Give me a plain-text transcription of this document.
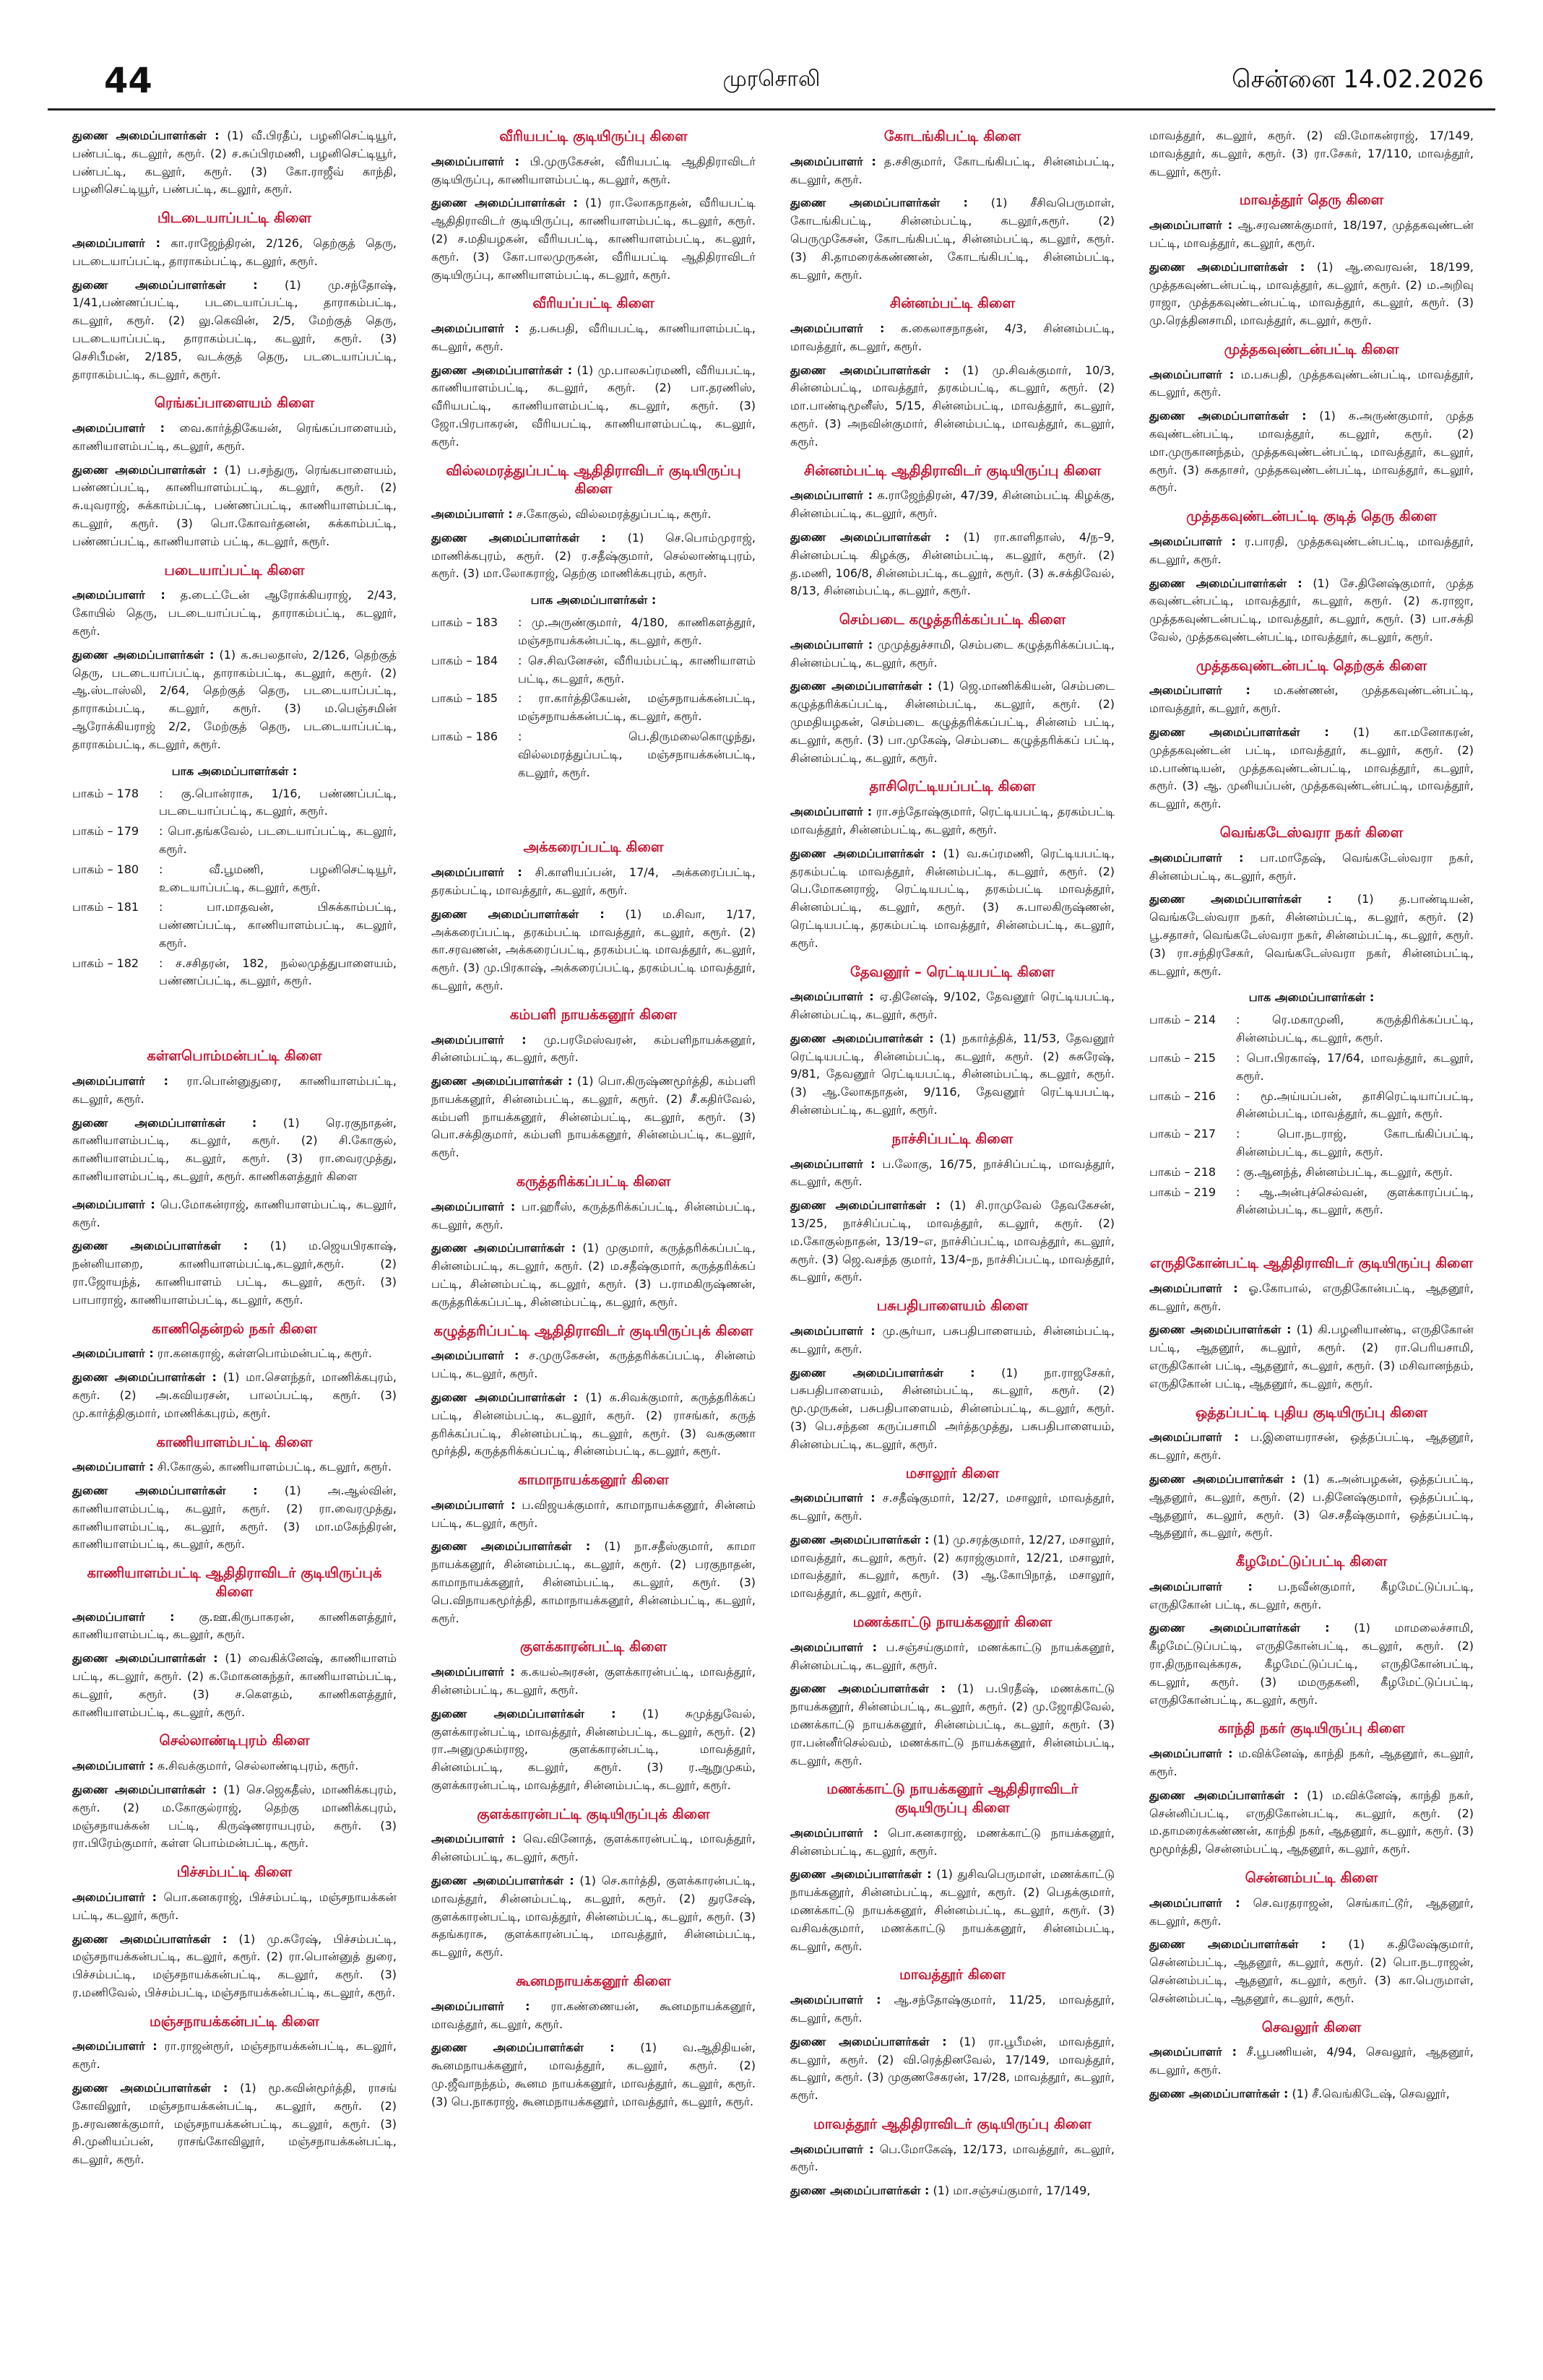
44	முரசொலி	சென்னை 14.02.2026

துணை அமைப்பாளர்கள் : (1) வீ.பிரதீப், பழனிசெட்டியூர், பண்பட்டி, கடலூர், கரூர். (2) ச.சுப்பிரமணி, பழனிசெட்டியூர், பண்பட்டி, கடலூர், கரூர். (3) கோ.ராஜீவ் காந்தி, பழனிசெட்டியூர், பண்பட்டி, கடலூர், கரூர்.

பிடடையாப்பட்டி கிளை

அமைப்பாளர் : கா.ராஜேந்திரன், 2/126, தெற்குத் தெரு, படடையாப்பட்டி, தாராகம்பட்டி, கடலூர், கரூர்.

துணை அமைப்பாளர்கள் : (1) மு.சந்தோஷ், 1/41,பண்ணப்பட்டி, படடையாப்பட்டி, தாராகம்பட்டி, கடலூர், கரூர். (2) லு.கெவின், 2/5, மேற்குத் தெரு, படடையாப்பட்டி, தாராகம்பட்டி, கடலூர், கரூர். (3) செசிபீமன், 2/185, வடக்குத் தெரு, படடையாப்பட்டி, தாராகம்பட்டி, கடலூர், கரூர்.

ரெங்கப்பாளையம் கிளை

அமைப்பாளர் : வை.கார்த்திகேயன், ரெங்கப்பாளையம், காணியாளம்பட்டி, கடலூர், கரூர்.

துணை அமைப்பாளர்கள் : (1) ப.சந்துரு, ரெங்கபாளையம், பண்ணப்பட்டி, காணியாளம்பட்டி, கடலூர், கரூர். (2) சு.யுவராஜ், சுக்காம்பட்டி, பண்ணப்பட்டி, காணியாளம்பட்டி, கடலூர், கரூர். (3) பொ.கோவர்தனன், சுக்காம்பட்டி, பண்ணப்பட்டி, காணியாளம் பட்டி, கடலூர், கரூர்.

படையாப்பட்டி கிளை

அமைப்பாளர் : த.டைட்டேன் ஆரோக்கியராஜ், 2/43, கோயில் தெரு, படடையாப்பட்டி, தாராகம்பட்டி, கடலூர், கரூர்.

துணை அமைப்பாளர்கள் : (1) க.சுபலதாஸ், 2/126, தெற்குத் தெரு, படடையாப்பட்டி, தாராகம்பட்டி, கடலூர், கரூர். (2) ஆ.ஸ்டாஸ்லி, 2/64, தெற்குத் தெரு, படடையாப்பட்டி, தாராகம்பட்டி, கடலூர், கரூர். (3) ம.பெஞ்சமின் ஆரோக்கியராஜ் 2/2, மேற்குத் தெரு, படடையாப்பட்டி, தாராகம்பட்டி, கடலூர், கரூர்.

பாக அமைப்பாளர்கள் :
பாகம் – 178	: கு.பொன்ராசு, 1/16, பண்ணப்பட்டி, படடையாப்பட்டி, கடலூர், கரூர்.
பாகம் – 179	: பொ.தங்கவேல், படடையாப்பட்டி, கடலூர், கரூர்.
பாகம் – 180	: வீ.பூமணி, பழனிசெட்டியூர், உடையாப்பட்டி, கடலூர், கரூர்.
பாகம் – 181	: பா.மாதவன், பிசுக்காம்பட்டி, பண்ணப்பட்டி, காணியாளம்பட்டி, கடலூர், கரூர்.
பாகம் – 182	: ச.சசிதரன், 182, நல்லமுத்துபாளையம், பண்ணப்பட்டி, கடலூர், கரூர்.
கள்ளபொம்மன்பட்டி கிளை

அமைப்பாளர் : ரா.பொன்னுதுரை, காணியாளம்பட்டி, கடலூர், கரூர்.

துணை அமைப்பாளர்கள் : (1) ரெ.ரகுநாதன், காணியாளம்பட்டி, கடலூர், கரூர். (2) சி.கோகுல், காணியாளம்பட்டி, கடலூர், கரூர். (3) ரா.வைரமுத்து, காணியாளம்பட்டி, கடலூர், கரூர். காணிகளத்தூர் கிளை

அமைப்பாளர் : பெ.மோகன்ராஜ், காணியாளம்பட்டி, கடலூர், கரூர்.

துணை அமைப்பாளர்கள் : (1) ம.ஜெயபிரகாஷ், நன்னியாறை, காணியாளம்பட்டி,கடலூர்,கரூர். (2) ரா.ஜோயந்த், காணியாளம் பட்டி, கடலூர், கரூர். (3) பாபாராஜ், காணியாளம்பட்டி, கடலூர், கரூர்.

காணிதென்றல் நகர் கிளை

அமைப்பாளர் : ரா.கனகராஜ், கள்ளபொம்மன்பட்டி, கரூர்.

துணை அமைப்பாளர்கள் : (1) மா.செளந்தர், மாணிக்கபுரம், கரூர். (2) அ.கவியரசன், பாலப்பட்டி, கரூர். (3) மு.கார்த்திகுமார், மாணிக்கபுரம், கரூர்.

காணியாளம்பட்டி கிளை

அமைப்பாளர் : சி.கோகுல், காணியாளம்பட்டி, கடலூர், கரூர்.

துணை அமைப்பாளர்கள் : (1) அ.ஆல்வின், காணியாளம்பட்டி, கடலூர், கரூர். (2) ரா.வைரமுத்து, காணியாளம்பட்டி, கடலூர், கரூர். (3) மா.மகேந்திரன், காணியாளம்பட்டி, கடலூர், கரூர்.

காணியாளம்பட்டி ஆதிதிராவிடர் குடியிருப்புக் கிளை

அமைப்பாளர் : கு.ஊ.கிருபாகரன், காணிகளத்தூர், காணியாளம்பட்டி, கடலூர், கரூர்.

துணை அமைப்பாளர்கள் : (1) வைகிக்னேஷ், காணியாளம் பட்டி, கடலூர், கரூர். (2) க.மோகனசுந்தர், காணியாளம்பட்டி, கடலூர், கரூர். (3) ச.கௌதம், காணிகளத்தூர், காணியாளம்பட்டி, கடலூர், கரூர்.

செல்லாண்டிபுரம் கிளை

அமைப்பாளர் : க.சிவக்குமார், செல்லாண்டிபுரம், கரூர்.

துணை அமைப்பாளர்கள் : (1) செ.ஜெகதீஸ், மாணிக்கபுரம், கரூர். (2) ம.கோகுல்ராஜ், தெற்கு மாணிக்கபுரம், மஞ்சநாயக்கன் பட்டி, கிருஷ்ணராயபுரம், கரூர். (3) ரா.பிரேம்குமார், கள்ள பொம்மன்பட்டி, கரூர்.

பிச்சம்பட்டி கிளை

அமைப்பாளர் : பொ.கனகராஜ், பிச்சம்பட்டி, மஞ்சநாயக்கன் பட்டி, கடலூர், கரூர்.

துணை அமைப்பாளர்கள் : (1) மு.சுரேஷ், பிச்சம்பட்டி, மஞ்சநாயக்கன்பட்டி, கடலூர், கரூர். (2) ரா.பொன்னுத் துரை, பிச்சம்பட்டி, மஞ்சநாயக்கன்பட்டி, கடலூர், கரூர். (3) ர.மணிவேல், பிச்சம்பட்டி, மஞ்சநாயக்கன்பட்டி, கடலூர், கரூர்.

மஞ்சநாயக்கன்பட்டி கிளை

அமைப்பாளர் : ரா.ராஜன்ரூர், மஞ்சநாயக்கன்பட்டி, கடலூர், கரூர்.

துணை அமைப்பாளர்கள் : (1) மூ.கவின்மூர்த்தி, ராசங் கோவிலூர், மஞ்சநாயக்கன்பட்டி, கடலூர், கரூர். (2) ந.சரவணக்குமார், மஞ்சநாயக்கன்பட்டி, கடலூர், கரூர். (3) சி.முனியப்பன், ராசங்கோவிலூர், மஞ்சநாயக்கன்பட்டி, கடலூர், கரூர்.

வீரியபட்டி குடியிருப்பு கிளை

அமைப்பாளர் : பி.முருகேசன், வீரியபட்டி ஆதிதிராவிடர் குடியிருப்பு, காணியாளம்பட்டி, கடலூர், கரூர்.

துணை அமைப்பாளர்கள் : (1) ரா.லோகநாதன், வீரியபட்டி ஆதிதிராவிடர் குடியிருப்பு, காணியாளம்பட்டி, கடலூர், கரூர். (2) ச.மதியழகன், வீரியபட்டி, காணியாளம்பட்டி, கடலூர், கரூர். (3) கோ.பாலமுருகன், வீரியபட்டி ஆதிதிராவிடர் குடியிருப்பு, காணியாளம்பட்டி, கடலூர், கரூர்.

வீரியப்பட்டி கிளை

அமைப்பாளர் : த.பசுபதி, வீரியபட்டி, காணியாளம்பட்டி, கடலூர், கரூர்.

துணை அமைப்பாளர்கள் : (1) மு.பாலசுப்ரமணி, வீரியபட்டி, காணியாளம்பட்டி, கடலூர், கரூர். (2) பா.தரணிஸ், வீரியபட்டி, காணியாளம்பட்டி, கடலூர், கரூர். (3) ஜோ.பிரபாகரன், வீரியபட்டி, காணியாளம்பட்டி, கடலூர், கரூர்.

வில்லமரத்துப்பட்டி ஆதிதிராவிடர் குடியிருப்பு கிளை

அமைப்பாளர் : ச.கோகுல், வில்லமரத்துப்பட்டி, கரூர்.

துணை அமைப்பாளர்கள் : (1) செ.பொம்முராஜ், மாணிக்கபுரம், கரூர். (2) ர.சதீஷ்குமார், செல்லாண்டிபுரம், கரூர். (3) மா.லோகராஜ், தெற்கு மாணிக்கபுரம், கரூர்.

பாக அமைப்பாளர்கள் :
பாகம் – 183	: மு.அருண்குமார், 4/180, காணிகளத்தூர், மஞ்சநாயக்கன்பட்டி, கடலூர், கரூர்.
பாகம் – 184	: செ.சிவனேசன், வீரியம்பட்டி, காணியாளம் பட்டி, கடலூர், கரூர்.
பாகம் – 185	: ரா.கார்த்திகேயன், மஞ்சநாயக்கன்பட்டி, மஞ்சநாயக்கன்பட்டி, கடலூர், கரூர்.
பாகம் – 186	: பெ.திருமலைகொழுந்து, வில்லமரத்துப்பட்டி, மஞ்சநாயக்கன்பட்டி, கடலூர், கரூர்.
அக்கரைப்பட்டி கிளை

அமைப்பாளர் : சி.காளியப்பன், 17/4, அக்கரைப்பட்டி, தரகம்பட்டி, மாவத்தூர், கடலூர், கரூர்.

துணை அமைப்பாளர்கள் : (1) ம.சிவா, 1/17, அக்கரைப்பட்டி, தரகம்பட்டி மாவத்தூர், கடலூர், கரூர். (2) கா.சரவணன், அக்கரைப்பட்டி, தரகம்பட்டி மாவத்தூர், கடலூர், கரூர். (3) மு.பிரகாஷ், அக்கரைப்பட்டி, தரகம்பட்டி மாவத்தூர், கடலூர், கரூர்.

கம்பளி நாயக்கனூர் கிளை

அமைப்பாளர் : மு.பரமேஸ்வரன், கம்பளிநாயக்கனூர், சின்னம்பட்டி, கடலூர், கரூர்.

துணை அமைப்பாளர்கள் : (1) பொ.கிருஷ்ணமூர்த்தி, கம்பளி நாயக்கனூர், சின்னம்பட்டி, கடலூர், கரூர். (2) சீ.கதிர்வேல், கம்பளி நாயக்கனூர், சின்னம்பட்டி, கடலூர், கரூர். (3) பொ.சக்திகுமார், கம்பளி நாயக்கனூர், சின்னம்பட்டி, கடலூர், கரூர்.

கருத்தரிக்கப்பட்டி கிளை

அமைப்பாளர் : பா.ஹரீஸ், கருத்தரிக்கப்பட்டி, சின்னம்பட்டி, கடலூர், கரூர்.

துணை அமைப்பாளர்கள் : (1) முகுமார், கருத்தரிக்கப்பட்டி, சின்னம்பட்டி, கடலூர், கரூர். (2) ம.சதீஷ்குமார், கருத்தரிக்கப் பட்டி, சின்னம்பட்டி, கடலூர், கரூர். (3) ப.ராமகிருஷ்ணன், கருத்தரிக்கப்பட்டி, சின்னம்பட்டி, கடலூர், கரூர்.

கழுத்தரிப்பட்டி ஆதிதிராவிடர் குடியிருப்புக் கிளை

அமைப்பாளர் : ச.முருகேசன், கருத்தரிக்கப்பட்டி, சின்னம் பட்டி, கடலூர், கரூர்.

துணை அமைப்பாளர்கள் : (1) க.சிவக்குமார், கருத்தரிக்கப் பட்டி, சின்னம்பட்டி, கடலூர், கரூர். (2) ராசங்கர், கருத் தரிக்கப்பட்டி, சின்னம்பட்டி, கடலூர், கரூர். (3) வசுகுணா மூர்த்தி, கருத்தரிக்கப்பட்டி, சின்னம்பட்டி, கடலூர், கரூர்.

காமாநாயக்கனூர் கிளை

அமைப்பாளர் : ப.விஜயக்குமார், காமாநாயக்கனூர், சின்னம் பட்டி, கடலூர், கரூர்.

துணை அமைப்பாளர்கள் : (1) நா.சதீஸ்குமார், காமா நாயக்கனூர், சின்னம்பட்டி, கடலூர், கரூர். (2) பரகுநாதன், காமாநாயக்கனூர், சின்னம்பட்டி, கடலூர், கரூர். (3) பெ.விநாயகமூர்த்தி, காமாநாயக்கனூர், சின்னம்பட்டி, கடலூர், கரூர்.

குளக்காரன்பட்டி கிளை

அமைப்பாளர் : க.கயல்அரசன், குளக்காரன்பட்டி, மாவத்தூர், சின்னம்பட்டி, கடலூர், கரூர்.

துணை அமைப்பாளர்கள் : (1) சுமுத்துவேல், குளக்காரன்பட்டி, மாவத்தூர், சின்னம்பட்டி, கடலூர், கரூர். (2) ரா.அனுமுகம்ராஜ, குளக்காரன்பட்டி, மாவத்தூர், சின்னம்பட்டி, கடலூர், கரூர். (3) ர.ஆறுமுகம், குளக்காரன்பட்டி, மாவத்தூர், சின்னம்பட்டி, கடலூர், கரூர்.

குளக்காரன்பட்டி குடியிருப்புக் கிளை

அமைப்பாளர் : வெ.வினோத், குளக்காரன்பட்டி, மாவத்தூர், சின்னம்பட்டி, கடலூர், கரூர்.

துணை அமைப்பாளர்கள் : (1) செ.கார்த்தி, குளக்காரன்பட்டி, மாவத்தூர், சின்னம்பட்டி, கடலூர், கரூர். (2) துரசேஷ், குளக்காரன்பட்டி, மாவத்தூர், சின்னம்பட்டி, கடலூர், கரூர். (3) சுதங்கராசு, குளக்காரன்பட்டி, மாவத்தூர், சின்னம்பட்டி, கடலூர், கரூர்.

கூனமநாயக்கனூர் கிளை

அமைப்பாளர் : ரா.கண்ணையன், கூனமநாயக்கனூர், மாவத்தூர், கடலூர், கரூர்.

துணை அமைப்பாளர்கள் : (1) வ.ஆதிதியன், கூனமநாயக்கனூர், மாவத்தூர், கடலூர், கரூர். (2) மு.ஜீவாநந்தம், கூனம நாயக்கனூர், மாவத்தூர், கடலூர், கரூர். (3) பெ.நாகராஜ், கூனமநாயக்கனூர், மாவத்தூர், கடலூர், கரூர்.

கோடங்கிபட்டி கிளை

அமைப்பாளர் : த.சசிகுமார், கோடங்கிபட்டி, சின்னம்பட்டி, கடலூர், கரூர்.

துணை அமைப்பாளர்கள் : (1) சீசிவபெருமாள், கோடங்கிபட்டி, சின்னம்பட்டி, கடலூர்,கரூர். (2) பெருமுகேசன், கோடங்கிபட்டி, சின்னம்பட்டி, கடலூர், கரூர். (3) சி.தாமரைக்கண்ணன், கோடங்கிபட்டி, சின்னம்பட்டி, கடலூர், கரூர்.

சின்னம்பட்டி கிளை

அமைப்பாளர் : க.கைலாசநாதன், 4/3, சின்னம்பட்டி, மாவத்தூர், கடலூர், கரூர்.

துணை அமைப்பாளர்கள் : (1) மு.சிவக்குமார், 10/3, சின்னம்பட்டி, மாவத்தூர், தரகம்பட்டி, கடலூர், கரூர். (2) மா.பாண்டிமூனீஸ், 5/15, சின்னம்பட்டி, மாவத்தூர், கடலூர், கரூர். (3) அநவின்குமார், சின்னம்பட்டி, மாவத்தூர், கடலூர், கரூர்.

சின்னம்பட்டி ஆதிதிராவிடர் குடியிருப்பு கிளை

அமைப்பாளர் : க.ராஜேந்திரன், 47/39, சின்னம்பட்டி கிழக்கு, சின்னம்பட்டி, கடலூர், கரூர்.

துணை அமைப்பாளர்கள் : (1) ரா.காளிதாஸ், 4/ந–9, சின்னம்பட்டி கிழக்கு, சின்னம்பட்டி, கடலூர், கரூர். (2) த.மணி, 106/8, சின்னம்பட்டி, கடலூர், கரூர். (3) சு.சக்திவேல், 8/13, சின்னம்பட்டி, கடலூர், கரூர்.

செம்படை கழுத்தரிக்கப்பட்டி கிளை

அமைப்பாளர் : முமுத்துச்சாமி, செம்படை கழுத்தரிக்கப்பட்டி, சின்னம்பட்டி, கடலூர், கரூர்.

துணை அமைப்பாளர்கள் : (1) ஜெ.மாணிக்கியன், செம்படை கழுத்தரிக்கப்பட்டி, சின்னம்பட்டி, கடலூர், கரூர். (2) முமதியழகன், செம்படை கழுத்தரிக்கப்பட்டி, சின்னம் பட்டி, கடலூர், கரூர். (3) பா.முகேஷ், செம்படை கழுத்தரிக்கப் பட்டி, சின்னம்பட்டி, கடலூர், கரூர்.

தாசிரெட்டியப்பட்டி கிளை

அமைப்பாளர் : ரா.சந்தோஷ்குமார், ரெட்டியபட்டி, தரகம்பட்டி மாவத்தூர், சின்னம்பட்டி, கடலூர், கரூர்.

துணை அமைப்பாளர்கள் : (1) வ.சுப்ரமணி, ரெட்டியபட்டி, தரகம்பட்டி மாவத்தூர், சின்னம்பட்டி, கடலூர், கரூர். (2) பெ.மோகனராஜ், ரெட்டியபட்டி, தரகம்பட்டி மாவத்தூர், சின்னம்பட்டி, கடலூர், கரூர். (3) சு.பாலகிருஷ்ணன், ரெட்டியபட்டி, தரகம்பட்டி மாவத்தூர், சின்னம்பட்டி, கடலூர், கரூர்.

தேவனூர் – ரெட்டியபட்டி கிளை

அமைப்பாளர் : ஏ.தினேஷ், 9/102, தேவனூர் ரெட்டியபட்டி, சின்னம்பட்டி, கடலூர், கரூர்.

துணை அமைப்பாளர்கள் : (1) நகார்த்திக், 11/53, தேவனூர் ரெட்டியபட்டி, சின்னம்பட்டி, கடலூர், கரூர். (2) சுசுரேஷ், 9/81, தேவனூர் ரெட்டியபட்டி, சின்னம்பட்டி, கடலூர், கரூர். (3) ஆ.லோகநாதன், 9/116, தேவனூர் ரெட்டியபட்டி, சின்னம்பட்டி, கடலூர், கரூர்.

நாச்சிப்பட்டி கிளை

அமைப்பாளர் : ப.லோகு, 16/75, நாச்சிப்பட்டி, மாவத்தூர், கடலூர், கரூர்.

துணை அமைப்பாளர்கள் : (1) சி.ராமுவேல் தேவகேசன், 13/25, நாச்சிப்பட்டி, மாவத்தூர், கடலூர், கரூர். (2) ம.கோகுல்நாதன், 13/19–எ, நாச்சிப்பட்டி, மாவத்தூர், கடலூர், கரூர். (3) ஜெ.வசந்த குமார், 13/4–ந, நாச்சிப்பட்டி, மாவத்தூர், கடலூர், கரூர்.

பசுபதிபாளையம் கிளை

அமைப்பாளர் : மு.சூர்யா, பசுபதிபாளையம், சின்னம்பட்டி, கடலூர், கரூர்.

துணை அமைப்பாளர்கள் : (1) நா.ராஜசேகர், பசுபதிபாளையம், சின்னம்பட்டி, கடலூர், கரூர். (2) மூ.முருகன், பசுபதிபாளையம், சின்னம்பட்டி, கடலூர், கரூர். (3) பெ.சந்தன கருப்பசாமி அர்த்தமுத்து, பசுபதிபாளையம், சின்னம்பட்டி, கடலூர், கரூர்.

மசாலூர் கிளை

அமைப்பாளர் : ச.சதீஷ்குமார், 12/27, மசாலூர், மாவத்தூர், கடலூர், கரூர்.

துணை அமைப்பாளர்கள் : (1) மு.சரத்குமார், 12/27, மசாலூர், மாவத்தூர், கடலூர், கரூர். (2) கராஜ்குமார், 12/21, மசாலூர், மாவத்தூர், கடலூர், கரூர். (3) ஆ.கோபிநாத், மசாலூர், மாவத்தூர், கடலூர், கரூர்.

மணக்காட்டு நாயக்கனூர் கிளை

அமைப்பாளர் : ப.சஞ்சய்குமார், மணக்காட்டு நாயக்கனூர், சின்னம்பட்டி, கடலூர், கரூர்.

துணை அமைப்பாளர்கள் : (1) ப.பிரதீஷ், மணக்காட்டு நாயக்கனூர், சின்னம்பட்டி, கடலூர், கரூர். (2) மு.ஜோதிவேல், மணக்காட்டு நாயக்கனூர், சின்னம்பட்டி, கடலூர், கரூர். (3) ரா.பன்னீர்செல்வம், மணக்காட்டு நாயக்கனூர், சின்னம்பட்டி, கடலூர், கரூர்.

மணக்காட்டு நாயக்கனூர் ஆதிதிராவிடர் குடியிருப்பு கிளை

அமைப்பாளர் : பொ.கனகராஜ், மணக்காட்டு நாயக்கனூர், சின்னம்பட்டி, கடலூர், கரூர்.

துணை அமைப்பாளர்கள் : (1) துசிவபெருமாள், மணக்காட்டு நாயக்கனூர், சின்னம்பட்டி, கடலூர், கரூர். (2) பெதக்குமார், மணக்காட்டு நாயக்கனூர், சின்னம்பட்டி, கடலூர், கரூர். (3) வசிவக்குமார், மணக்காட்டு நாயக்கனூர், சின்னம்பட்டி, கடலூர், கரூர்.

மாவத்தூர் கிளை

அமைப்பாளர் : ஆ.சந்தோஷ்குமார், 11/25, மாவத்தூர், கடலூர், கரூர்.

துணை அமைப்பாளர்கள் : (1) ரா.பூபீமன், மாவத்தூர், கடலூர், கரூர். (2) வி.ரெத்தினவேல், 17/149, மாவத்தூர், கடலூர், கரூர். (3) முகுணசேகரன், 17/28, மாவத்தூர், கடலூர், கரூர்.

மாவத்தூர் ஆதிதிராவிடர் குடியிருப்பு கிளை

அமைப்பாளர் : பெ.மோகேஷ், 12/173, மாவத்தூர், கடலூர், கரூர்.

துணை அமைப்பாளர்கள் : (1) மா.சஞ்சய்குமார், 17/149,

மாவத்தூர், கடலூர், கரூர். (2) வி.மோகன்ராஜ், 17/149, மாவத்தூர், கடலூர், கரூர். (3) ரா.சேகர், 17/110, மாவத்தூர், கடலூர், கரூர்.

மாவத்தூர் தெரு கிளை

அமைப்பாளர் : ஆ.சரவணக்குமார், 18/197, முத்தகவுண்டன் பட்டி, மாவத்தூர், கடலூர், கரூர்.

துணை அமைப்பாளர்கள் : (1) ஆ.வைரவன், 18/199, முத்தகவுண்டன்பட்டி, மாவத்தூர், கடலூர், கரூர். (2) ம.அறிவு ராஜா, முத்தகவுண்டன்பட்டி, மாவத்தூர், கடலூர், கரூர். (3) மு.ரெத்தினசாமி, மாவத்தூர், கடலூர், கரூர்.

முத்தகவுண்டன்பட்டி கிளை

அமைப்பாளர் : ம.பசுபதி, முத்தகவுண்டன்பட்டி, மாவத்தூர், கடலூர், கரூர்.

துணை அமைப்பாளர்கள் : (1) க.அருண்குமார், முத்த கவுண்டன்பட்டி, மாவத்தூர், கடலூர், கரூர். (2) மா.முருகானந்தம், முத்தகவுண்டன்பட்டி, மாவத்தூர், கடலூர், கரூர். (3) சுகதாசர், முத்தகவுண்டன்பட்டி, மாவத்தூர், கடலூர், கரூர்.

முத்தகவுண்டன்பட்டி குடித் தெரு கிளை

அமைப்பாளர் : ர.பாரதி, முத்தகவுண்டன்பட்டி, மாவத்தூர், கடலூர், கரூர்.

துணை அமைப்பாளர்கள் : (1) சே.தினேஷ்குமார், முத்த கவுண்டன்பட்டி, மாவத்தூர், கடலூர், கரூர். (2) க.ராஜா, முத்தகவுண்டன்பட்டி, மாவத்தூர், கடலூர், கரூர். (3) பா.சக்தி வேல், முத்தகவுண்டன்பட்டி, மாவத்தூர், கடலூர், கரூர்.

முத்தகவுண்டன்பட்டி தெற்குக் கிளை

அமைப்பாளர் : ம.கண்ணன், முத்தகவுண்டன்பட்டி, மாவத்தூர், கடலூர், கரூர்.

துணை அமைப்பாளர்கள் : (1) கா.மனோகரன், முத்தகவுண்டன் பட்டி, மாவத்தூர், கடலூர், கரூர். (2) ம.பாண்டியன், முத்தகவுண்டன்பட்டி, மாவத்தூர், கடலூர், கரூர். (3) ஆ. முனியப்பன், முத்தகவுண்டன்பட்டி, மாவத்தூர், கடலூர், கரூர்.

வெங்கடேஸ்வரா நகர் கிளை

அமைப்பாளர் : பா.மாதேஷ், வெங்கடேஸ்வரா நகர், சின்னம்பட்டி, கடலூர், கரூர்.

துணை அமைப்பாளர்கள் : (1) த.பாண்டியன், வெங்கடேஸ்வரா நகர், சின்னம்பட்டி, கடலூர், கரூர். (2) பூ.சதாசர், வெங்கடேஸ்வரா நகர், சின்னம்பட்டி, கடலூர், கரூர். (3) ரா.சந்திரசேகர், வெங்கடேஸ்வரா நகர், சின்னம்பட்டி, கடலூர், கரூர்.

பாக அமைப்பாளர்கள் :
பாகம் – 214	: ரெ.மகாமுனி, கருத்திரிக்கப்பட்டி, சின்னம்பட்டி, கடலூர், கரூர்.
பாகம் – 215	: பொ.பிரகாஷ், 17/64, மாவத்தூர், கடலூர், கரூர்.
பாகம் – 216	: மூ.அய்யப்பன், தாசிரெட்டியாப்பட்டி, சின்னம்பட்டி, மாவத்தூர், கடலூர், கரூர்.
பாகம் – 217	: பொ.நடராஜ், கோடங்கிப்பட்டி, சின்னம்பட்டி, கடலூர், கரூர்.
பாகம் – 218	: கு.ஆனந்த், சின்னம்பட்டி, கடலூர், கரூர்.
பாகம் – 219	: ஆ.அன்புச்செல்வன், குளக்காரப்பட்டி, சின்னம்பட்டி, கடலூர், கரூர்.
எருதிகோன்பட்டி ஆதிதிராவிடர் குடியிருப்பு கிளை

அமைப்பாளர் : ஓ.கோபால், எருதிகோன்பட்டி, ஆதனூர், கடலூர், கரூர்.

துணை அமைப்பாளர்கள் : (1) கி.பழனியாண்டி, எருதிகோன் பட்டி, ஆதனூர், கடலூர், கரூர். (2) ரா.பெரியசாமி, எருதிகோன் பட்டி, ஆதனூர், கடலூர், கரூர். (3) மசிவானந்தம், எருதிகோன் பட்டி, ஆதனூர், கடலூர், கரூர்.

ஒத்தப்பட்டி புதிய குடியிருப்பு கிளை

அமைப்பாளர் : ப.இளையராசன், ஒத்தப்பட்டி, ஆதனூர், கடலூர், கரூர்.

துணை அமைப்பாளர்கள் : (1) க.அன்பழகன், ஒத்தப்பட்டி, ஆதனூர், கடலூர், கரூர். (2) ப.தினேஷ்குமார், ஒத்தப்பட்டி, ஆதனூர், கடலூர், கரூர். (3) செ.சதீஷ்குமார், ஒத்தப்பட்டி, ஆதனூர், கடலூர், கரூர்.

கீழமேட்டுப்பட்டி கிளை

அமைப்பாளர் : ப.நவீன்குமார், கீழமேட்டுப்பட்டி, எருதிகோன் பட்டி, கடலூர், கரூர்.

துணை அமைப்பாளர்கள் : (1) மாமலைச்சாமி, கீழமேட்டுப்பட்டி, எருதிகோன்பட்டி, கடலூர், கரூர். (2) ரா.திருநாவுக்கரசு, கீழமேட்டுப்பட்டி, எருதிகோன்பட்டி, கடலூர், கரூர். (3) மமருதகனி, கீழமேட்டுப்பட்டி, எருதிகோன்பட்டி, கடலூர், கரூர்.

காந்தி நகர் குடியிருப்பு கிளை

அமைப்பாளர் : ம.விக்னேஷ், காந்தி நகர், ஆதனூர், கடலூர், கரூர்.

துணை அமைப்பாளர்கள் : (1) ம.விக்னேஷ், காந்தி நகர், சென்னிப்பட்டி, எருதிகோன்பட்டி, கடலூர், கரூர். (2) ம.தாமரைக்கண்ணன், காந்தி நகர், ஆதனூர், கடலூர், கரூர். (3) மூமூர்த்தி, சென்னம்பட்டி, ஆதனூர், கடலூர், கரூர்.

சென்னம்பட்டி கிளை

அமைப்பாளர் : செ.வரதராஜன், செங்காட்டூர், ஆதனூர், கடலூர், கரூர்.

துணை அமைப்பாளர்கள் : (1) க.திலேஷ்குமார், சென்னம்பட்டி, ஆதனூர், கடலூர், கரூர். (2) பொ.நடராஜன், சென்னம்பட்டி, ஆதனூர், கடலூர், கரூர். (3) கா.பெருமாள், சென்னம்பட்டி, ஆதனூர், கடலூர், கரூர்.

செவலூர் கிளை

அமைப்பாளர் : சீ.பூபணியன், 4/94, செவலூர், ஆதனூர், கடலூர், கரூர்.

துணை அமைப்பாளர்கள் : (1) சீ.வெங்கிடேஷ், செவலூர்,
